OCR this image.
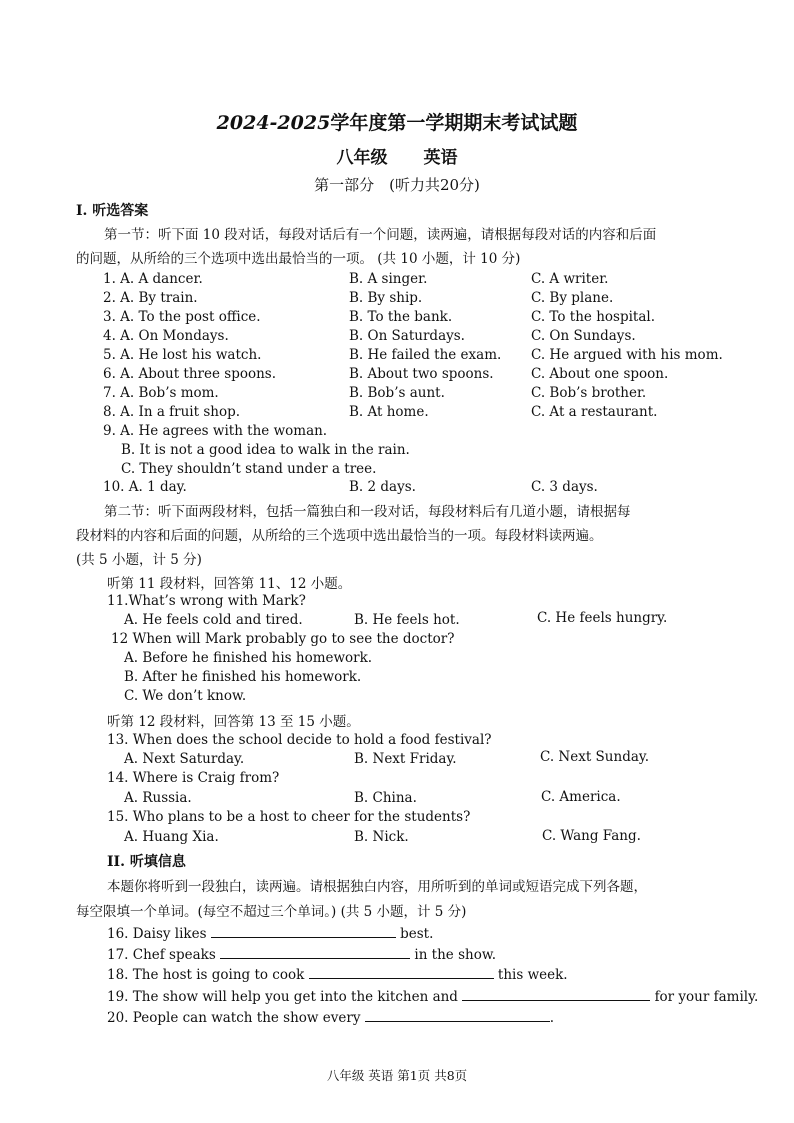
2024-2025学年度第一学期期末考试试题
八年级 英语
第一部分　(听力共20分)
I. 听选答案
第一节：听下面 10 段对话，每段对话后有一个问题，读两遍，请根据每段对话的内容和后面
的问题，从所给的三个选项中选出最恰当的一项。 (共 10 小题，计 10 分)
1. A. A dancer.	B. A singer.	C. A writer.
2. A. By train.	B. By ship.	C. By plane.
3. A. To the post office.	B. To the bank.	C. To the hospital.
4. A. On Mondays.	B. On Saturdays.	C. On Sundays.
5. A. He lost his watch.	B. He failed the exam. C. He argued with his mom.
6. A. About three spoons.	B. About two spoons.	C. About one spoon.
7. A. Bob’s mom.	B. Bob’s aunt.	C. Bob’s brother.
8. A. In a fruit shop.	B. At home.	C. At a restaurant.
9. A. He agrees with the woman.
B. It is not a good idea to walk in the rain.
C. They shouldn’t stand under a tree.
10. A. 1 day.	B. 2 days.	C. 3 days.
第二节：听下面两段材料，包括一篇独白和一段对话，每段材料后有几道小题，请根据每
段材料的内容和后面的问题，从所给的三个选项中选出最恰当的一项。每段材料读两遍。
(共 5 小题，计 5 分)
听第 11 段材料，回答第 11、12 小题。
11.What’s wrong with Mark?
A. He feels cold and tired.	B. He feels hot.	C. He feels hungry.
12 When will Mark probably go to see the doctor?
A. Before he finished his homework.
B. After he finished his homework.
C. We don’t know.
听第 12 段材料，回答第 13 至 15 小题。
13. When does the school decide to hold a food festival?
A. Next Saturday.	B. Next Friday.	C. Next Sunday.
14. Where is Craig from?
A. Russia.	B. China.	C. America.
15. Who plans to be a host to cheer for the students?
A. Huang Xia.	B. Nick.	C. Wang Fang.
II. 听填信息
本题你将听到一段独白，读两遍。请根据独白内容，用所听到的单词或短语完成下列各题，
每空限填一个单词。(每空不超过三个单词。) (共 5 小题，计 5 分)
16. Daisy likes	best.
17. Chef speaks	in the show.
18. The host is going to cook	this week.
19. The show will help you get into the kitchen and	for your family.
20. People can watch the show every	.
八年级 英语 第1页 共8页
